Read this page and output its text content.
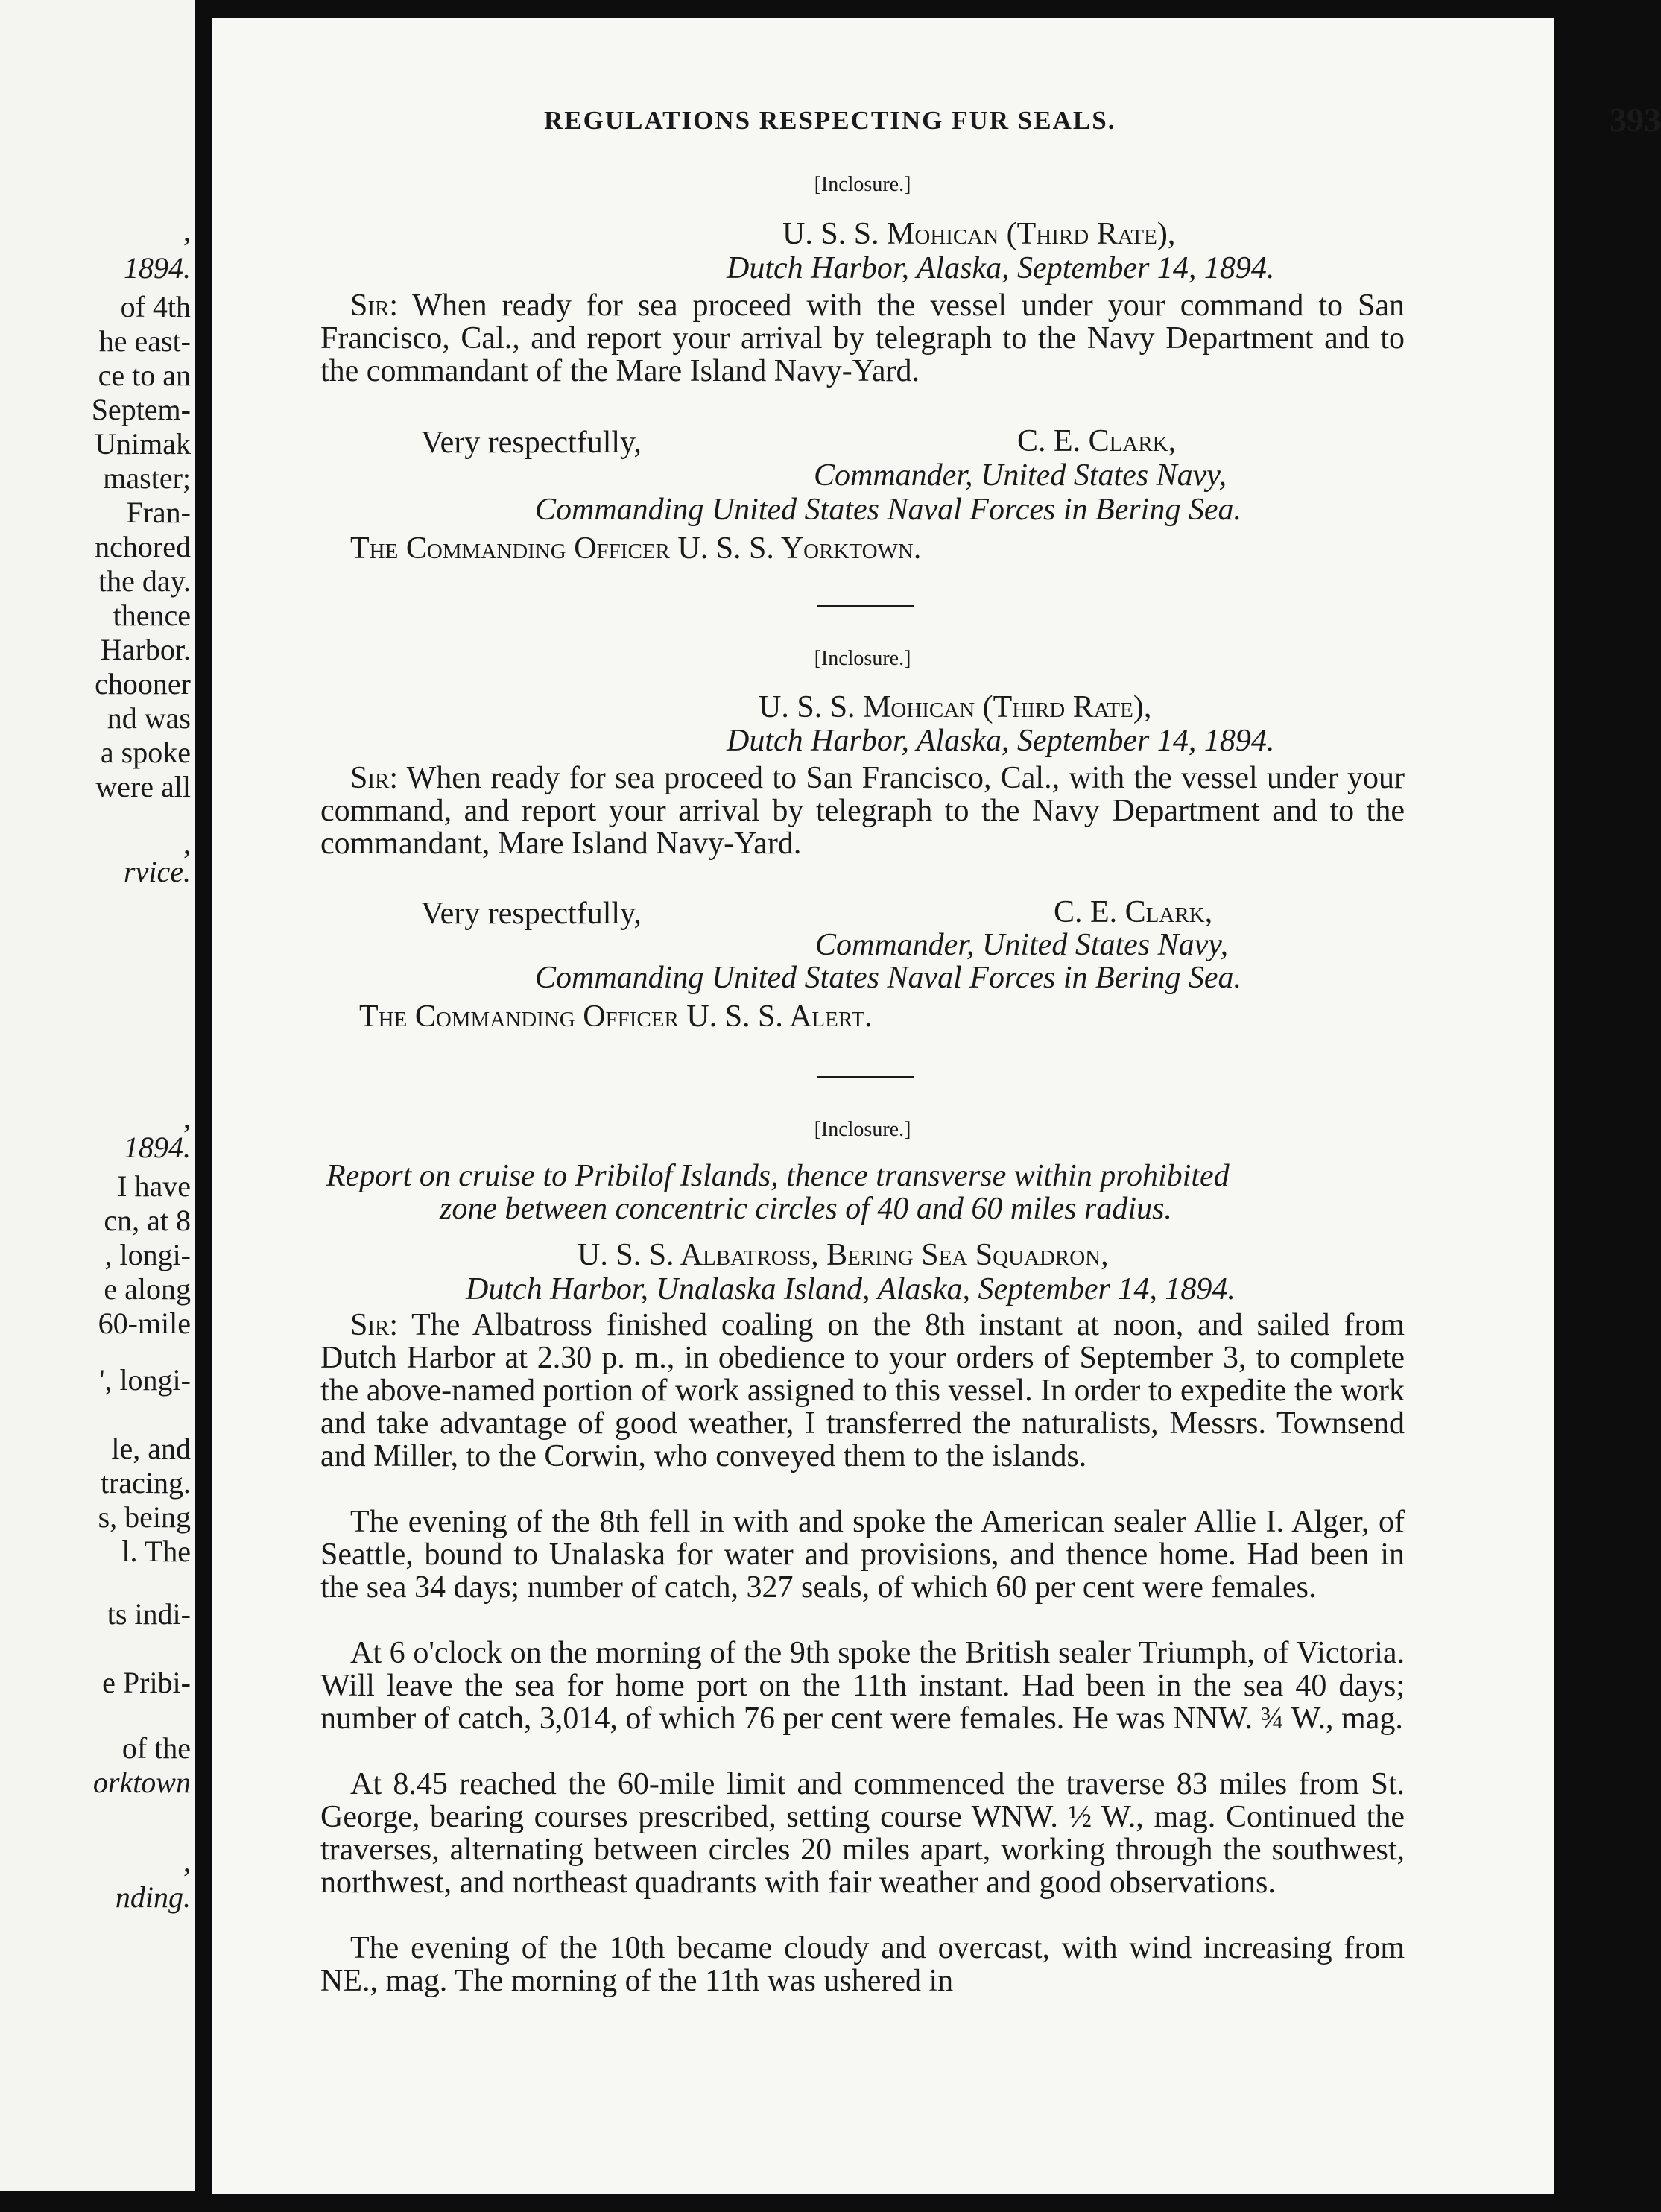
,
1894.
of 4th
he east-
ce to an
Septem-
Unimak
master;
Fran-
nchored
the day.
thence
Harbor.
chooner
nd was
a spoke
were all
,
rvice.
,
1894.
I have
cn, at 8
, longi-
e along
60-mile
', longi-
le, and
tracing.
s, being
l. The
ts indi-
e Pribi-
of the
orktown
,
nding.
REGULATIONS RESPECTING FUR SEALS.	393
[Inclosure.]
U. S. S. Mohican (Third Rate),
Dutch Harbor, Alaska, September 14, 1894.
Sir: When ready for sea proceed with the vessel under your command to San Francisco, Cal., and report your arrival by telegraph to the Navy Department and to the commandant of the Mare Island Navy-Yard.
Very respectfully,	C. E. Clark,
Commander, United States Navy,
Commanding United States Naval Forces in Bering Sea.
The Commanding Officer U. S. S. Yorktown.
[Inclosure.]
U. S. S. Mohican (Third Rate),
Dutch Harbor, Alaska, September 14, 1894.
Sir: When ready for sea proceed to San Francisco, Cal., with the vessel under your command, and report your arrival by telegraph to the Navy Department and to the commandant, Mare Island Navy-Yard.
Very respectfully,	C. E. Clark,
Commander, United States Navy,
Commanding United States Naval Forces in Bering Sea.
The Commanding Officer U. S. S. Alert.
[Inclosure.]
Report on cruise to Pribilof Islands, thence transverse within prohibited
zone between concentric circles of 40 and 60 miles radius.
U. S. S. Albatross, Bering Sea Squadron,
Dutch Harbor, Unalaska Island, Alaska, September 14, 1894.
Sir: The Albatross finished coaling on the 8th instant at noon, and sailed from Dutch Harbor at 2.30 p. m., in obedience to your orders of September 3, to complete the above-named portion of work assigned to this vessel. In order to expedite the work and take advantage of good weather, I transferred the naturalists, Messrs. Townsend and Miller, to the Corwin, who conveyed them to the islands.
The evening of the 8th fell in with and spoke the American sealer Allie I. Alger, of Seattle, bound to Unalaska for water and provisions, and thence home. Had been in the sea 34 days; number of catch, 327 seals, of which 60 per cent were females.
At 6 o'clock on the morning of the 9th spoke the British sealer Triumph, of Victoria. Will leave the sea for home port on the 11th instant. Had been in the sea 40 days; number of catch, 3,014, of which 76 per cent were females. He was NNW. ¾ W., mag.
At 8.45 reached the 60-mile limit and commenced the traverse 83 miles from St. George, bearing courses prescribed, setting course WNW. ½ W., mag. Continued the traverses, alternating between circles 20 miles apart, working through the southwest, northwest, and northeast quadrants with fair weather and good observations.
The evening of the 10th became cloudy and overcast, with wind increasing from NE., mag. The morning of the 11th was ushered in
